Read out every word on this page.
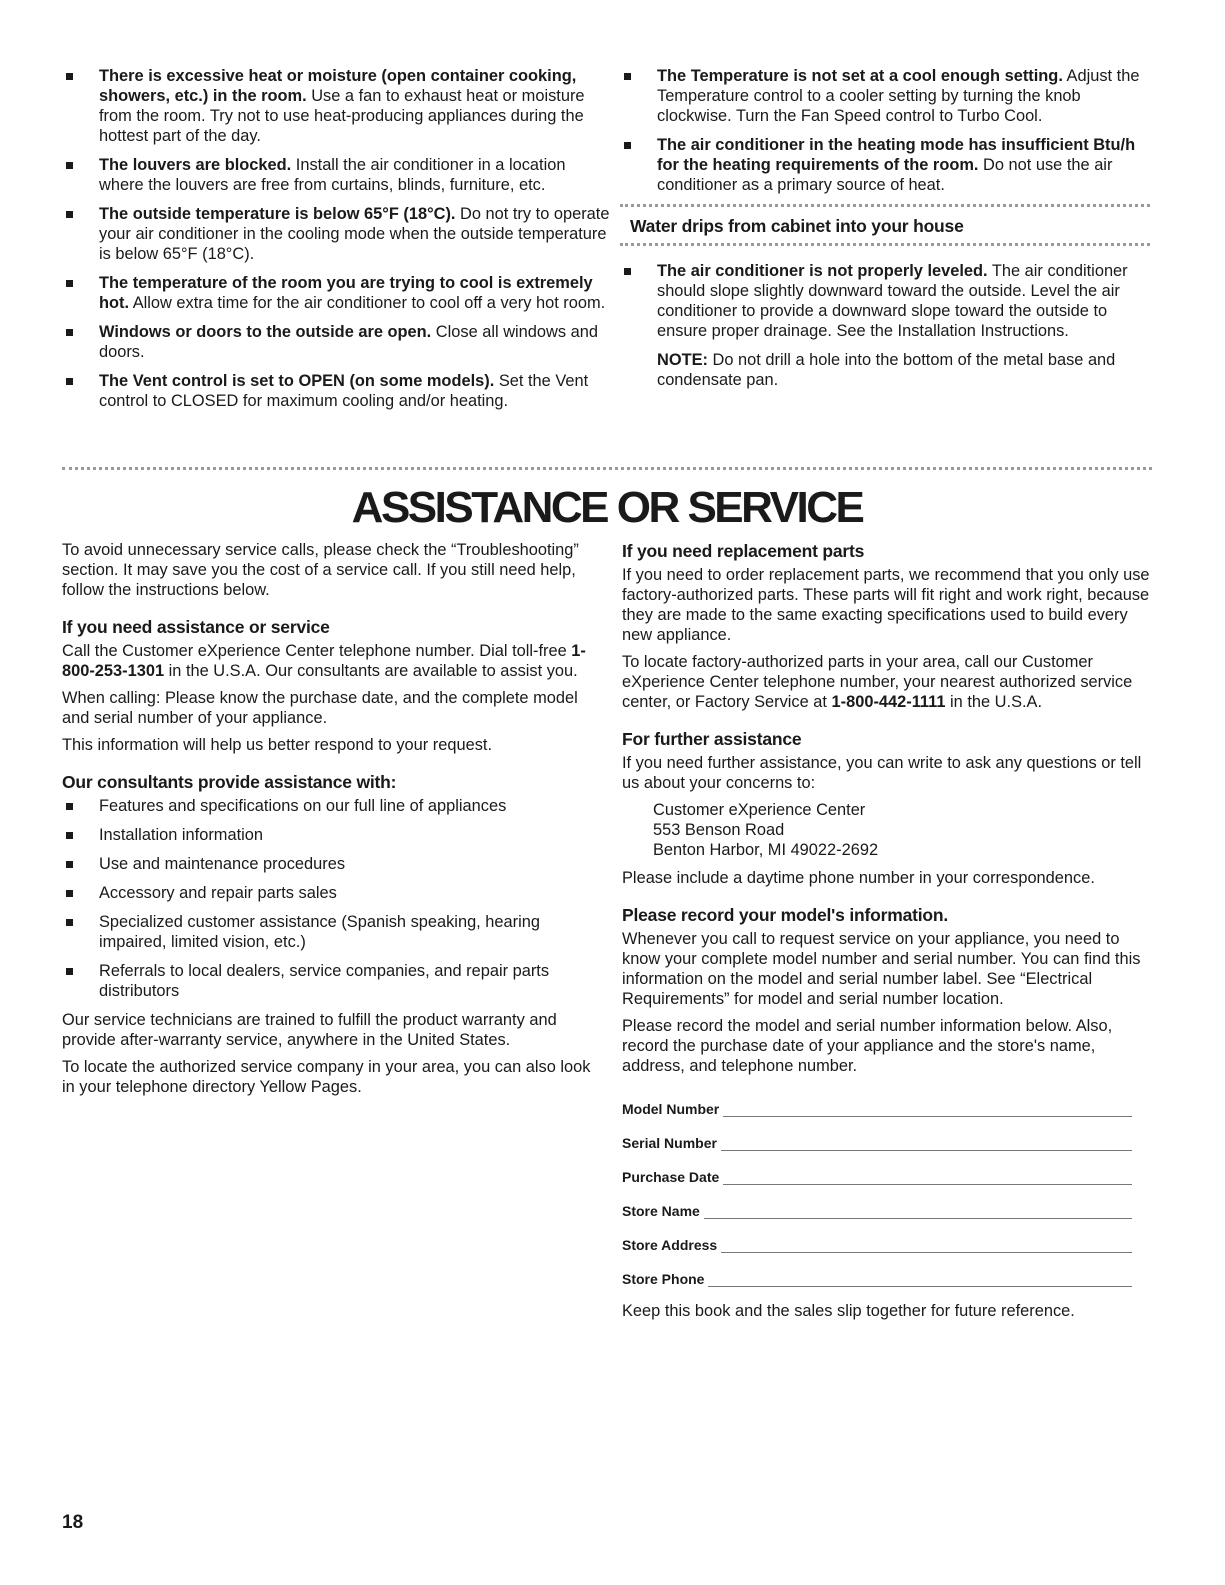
There is excessive heat or moisture (open container cooking, showers, etc.) in the room. Use a fan to exhaust heat or moisture from the room. Try not to use heat-producing appliances during the hottest part of the day.
The louvers are blocked. Install the air conditioner in a location where the louvers are free from curtains, blinds, furniture, etc.
The outside temperature is below 65°F (18°C). Do not try to operate your air conditioner in the cooling mode when the outside temperature is below 65°F (18°C).
The temperature of the room you are trying to cool is extremely hot. Allow extra time for the air conditioner to cool off a very hot room.
Windows or doors to the outside are open. Close all windows and doors.
The Vent control is set to OPEN (on some models). Set the Vent control to CLOSED for maximum cooling and/or heating.
The Temperature is not set at a cool enough setting. Adjust the Temperature control to a cooler setting by turning the knob clockwise. Turn the Fan Speed control to Turbo Cool.
The air conditioner in the heating mode has insufficient Btu/h for the heating requirements of the room. Do not use the air conditioner as a primary source of heat.
Water drips from cabinet into your house
The air conditioner is not properly leveled. The air conditioner should slope slightly downward toward the outside. Level the air conditioner to provide a downward slope toward the outside to ensure proper drainage. See the Installation Instructions.
NOTE: Do not drill a hole into the bottom of the metal base and condensate pan.
ASSISTANCE OR SERVICE
To avoid unnecessary service calls, please check the “Troubleshooting” section. It may save you the cost of a service call. If you still need help, follow the instructions below.
If you need assistance or service
Call the Customer eXperience Center telephone number. Dial toll-free 1-800-253-1301 in the U.S.A. Our consultants are available to assist you.
When calling: Please know the purchase date, and the complete model and serial number of your appliance.
This information will help us better respond to your request.
Our consultants provide assistance with:
Features and specifications on our full line of appliances
Installation information
Use and maintenance procedures
Accessory and repair parts sales
Specialized customer assistance (Spanish speaking, hearing impaired, limited vision, etc.)
Referrals to local dealers, service companies, and repair parts distributors
Our service technicians are trained to fulfill the product warranty and provide after-warranty service, anywhere in the United States.
To locate the authorized service company in your area, you can also look in your telephone directory Yellow Pages.
If you need replacement parts
If you need to order replacement parts, we recommend that you only use factory-authorized parts. These parts will fit right and work right, because they are made to the same exacting specifications used to build every new appliance.
To locate factory-authorized parts in your area, call our Customer eXperience Center telephone number, your nearest authorized service center, or Factory Service at 1-800-442-1111 in the U.S.A.
For further assistance
If you need further assistance, you can write to ask any questions or tell us about your concerns to:
Customer eXperience Center
553 Benson Road
Benton Harbor, MI 49022-2692
Please include a daytime phone number in your correspondence.
Please record your model's information.
Whenever you call to request service on your appliance, you need to know your complete model number and serial number. You can find this information on the model and serial number label. See “Electrical Requirements” for model and serial number location.
Please record the model and serial number information below. Also, record the purchase date of your appliance and the store's name, address, and telephone number.
Model Number
Serial Number
Purchase Date
Store Name
Store Address
Store Phone
Keep this book and the sales slip together for future reference.
18
